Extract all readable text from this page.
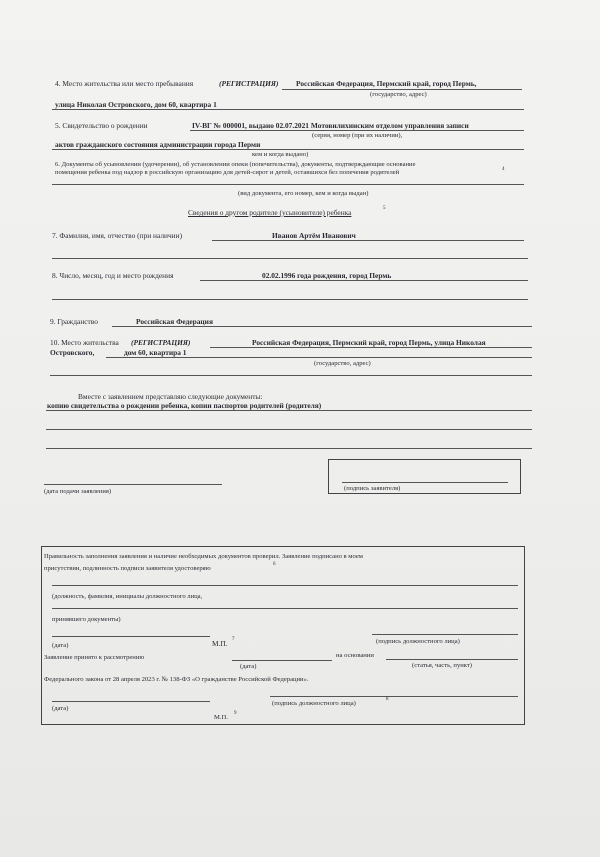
4. Место жительства или место пребывания	(РЕГИСТРАЦИЯ) Российская Федерация, Пермский край, город Пермь,
(государство, адрес)
улица Николая Островского, дом 60, квартира 1
5. Свидетельство о рождении	IV-ВГ № 000001, выдано 02.07.2021 Мотовилихинским отделом управления записи
(серия, номер (при их наличии),
актов гражданского состояния администрации города Перми
кем и когда выдано)
6. Документы об усыновлении (удочерении), об установлении опеки (попечительства), документы, подтверждающие основание
помещения ребенка под надзор в российскую организацию для детей-сирот и детей, оставшихся без попечения родителей	4
(вид документа, его номер, кем и когда выдан)
Сведения о другом родителе (усыновителе) ребенка	5
7. Фамилия, имя, отчество (при наличии)	Иванов Артём Иванович
8. Число, месяц, год и место рождения	02.02.1996 года рождения, город Пермь
9. Гражданство	Российская Федерация
10. Место жительства (РЕГИСТРАЦИЯ)	Российская Федерация, Пермский край, город Пермь, улица Николая
Островского,	дом 60, квартира 1
(государство, адрес)
Вместе с заявлением представляю следующие документы:
копию свидетельства о рождении ребенка, копии паспортов родителей (родителя)
(дата подачи заявления)	(подпись заявителя)
Правильность заполнения заявления и наличие необходимых документов проверил. Заявление подписано в моем
присутствии, подлинность подписи заявителя удостоверяю
6
(должность, фамилия, инициалы должностного лица,
принявшего документы)
(дата)	М.П. 7	(подпись должностного лица)
Заявление принято к рассмотрению	на основании
(дата)	(статья, часть, пункт)
Федерального закона от 28 апреля 2023 г. № 138-ФЗ «О гражданстве Российской Федерации».
(дата)
(подпись должностного лица)
8
М.П.
9
